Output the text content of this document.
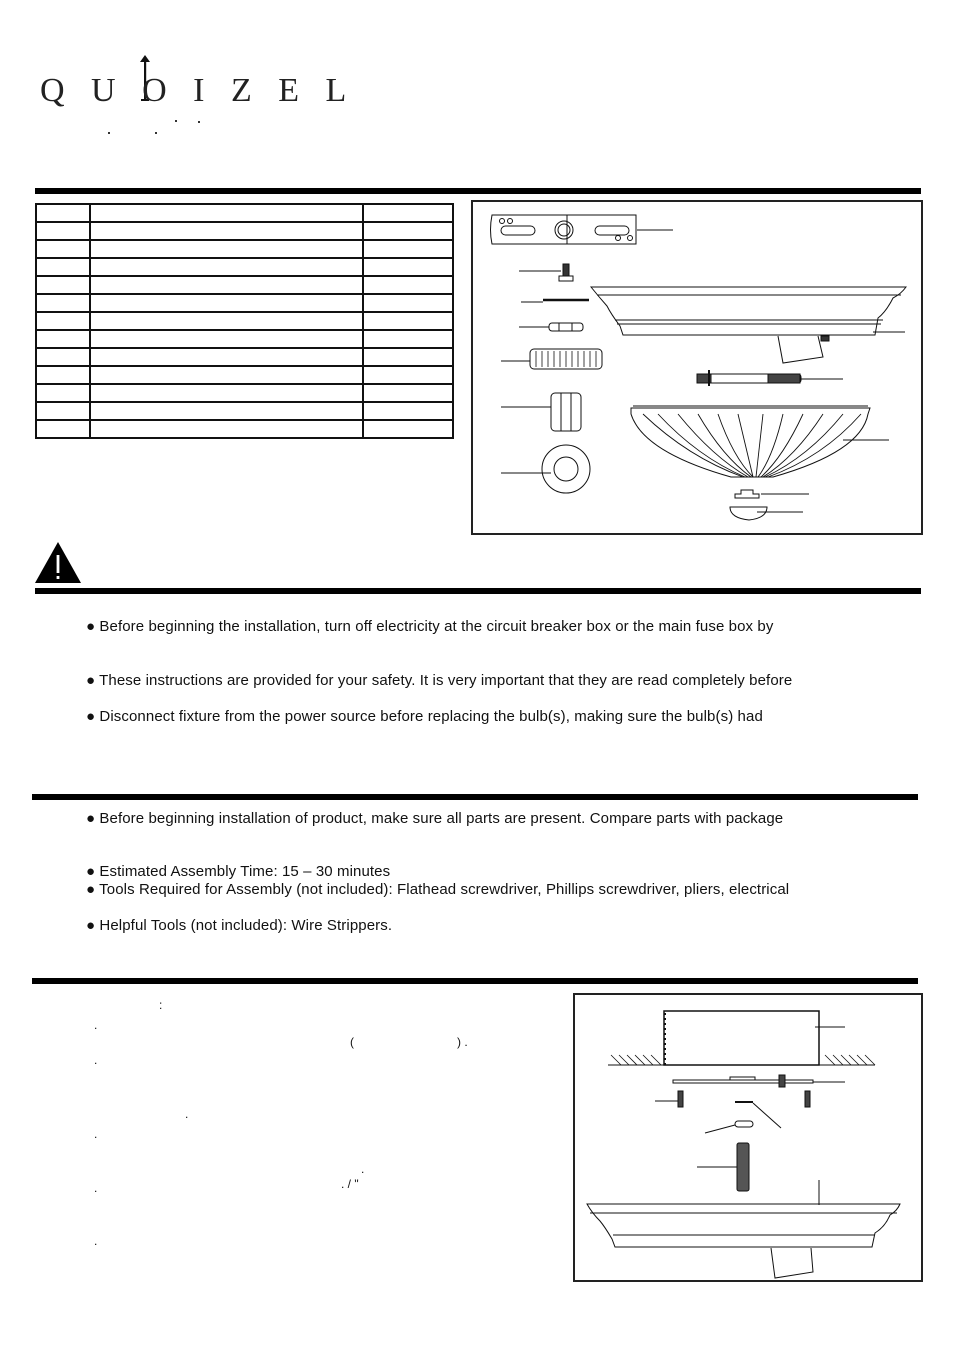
Q U O I Z E L

● Before beginning the installation, turn off electricity at the circuit breaker box or the main fuse box by
● These instructions are provided for your safety. It is very important that they are read completely before
● Disconnect fixture from the power source before replacing the bulb(s), making sure the bulb(s) had
● Before beginning installation of product, make sure all parts are present. Compare parts with package
● Estimated Assembly Time: 15 – 30 minutes
● Tools Required for Assembly (not included): Flathead screwdriver, Phillips screwdriver, pliers, electrical
● Helpful Tools (not included): Wire Strippers.
:
.
(	) .
.
.
.
.
.	. / "
.
